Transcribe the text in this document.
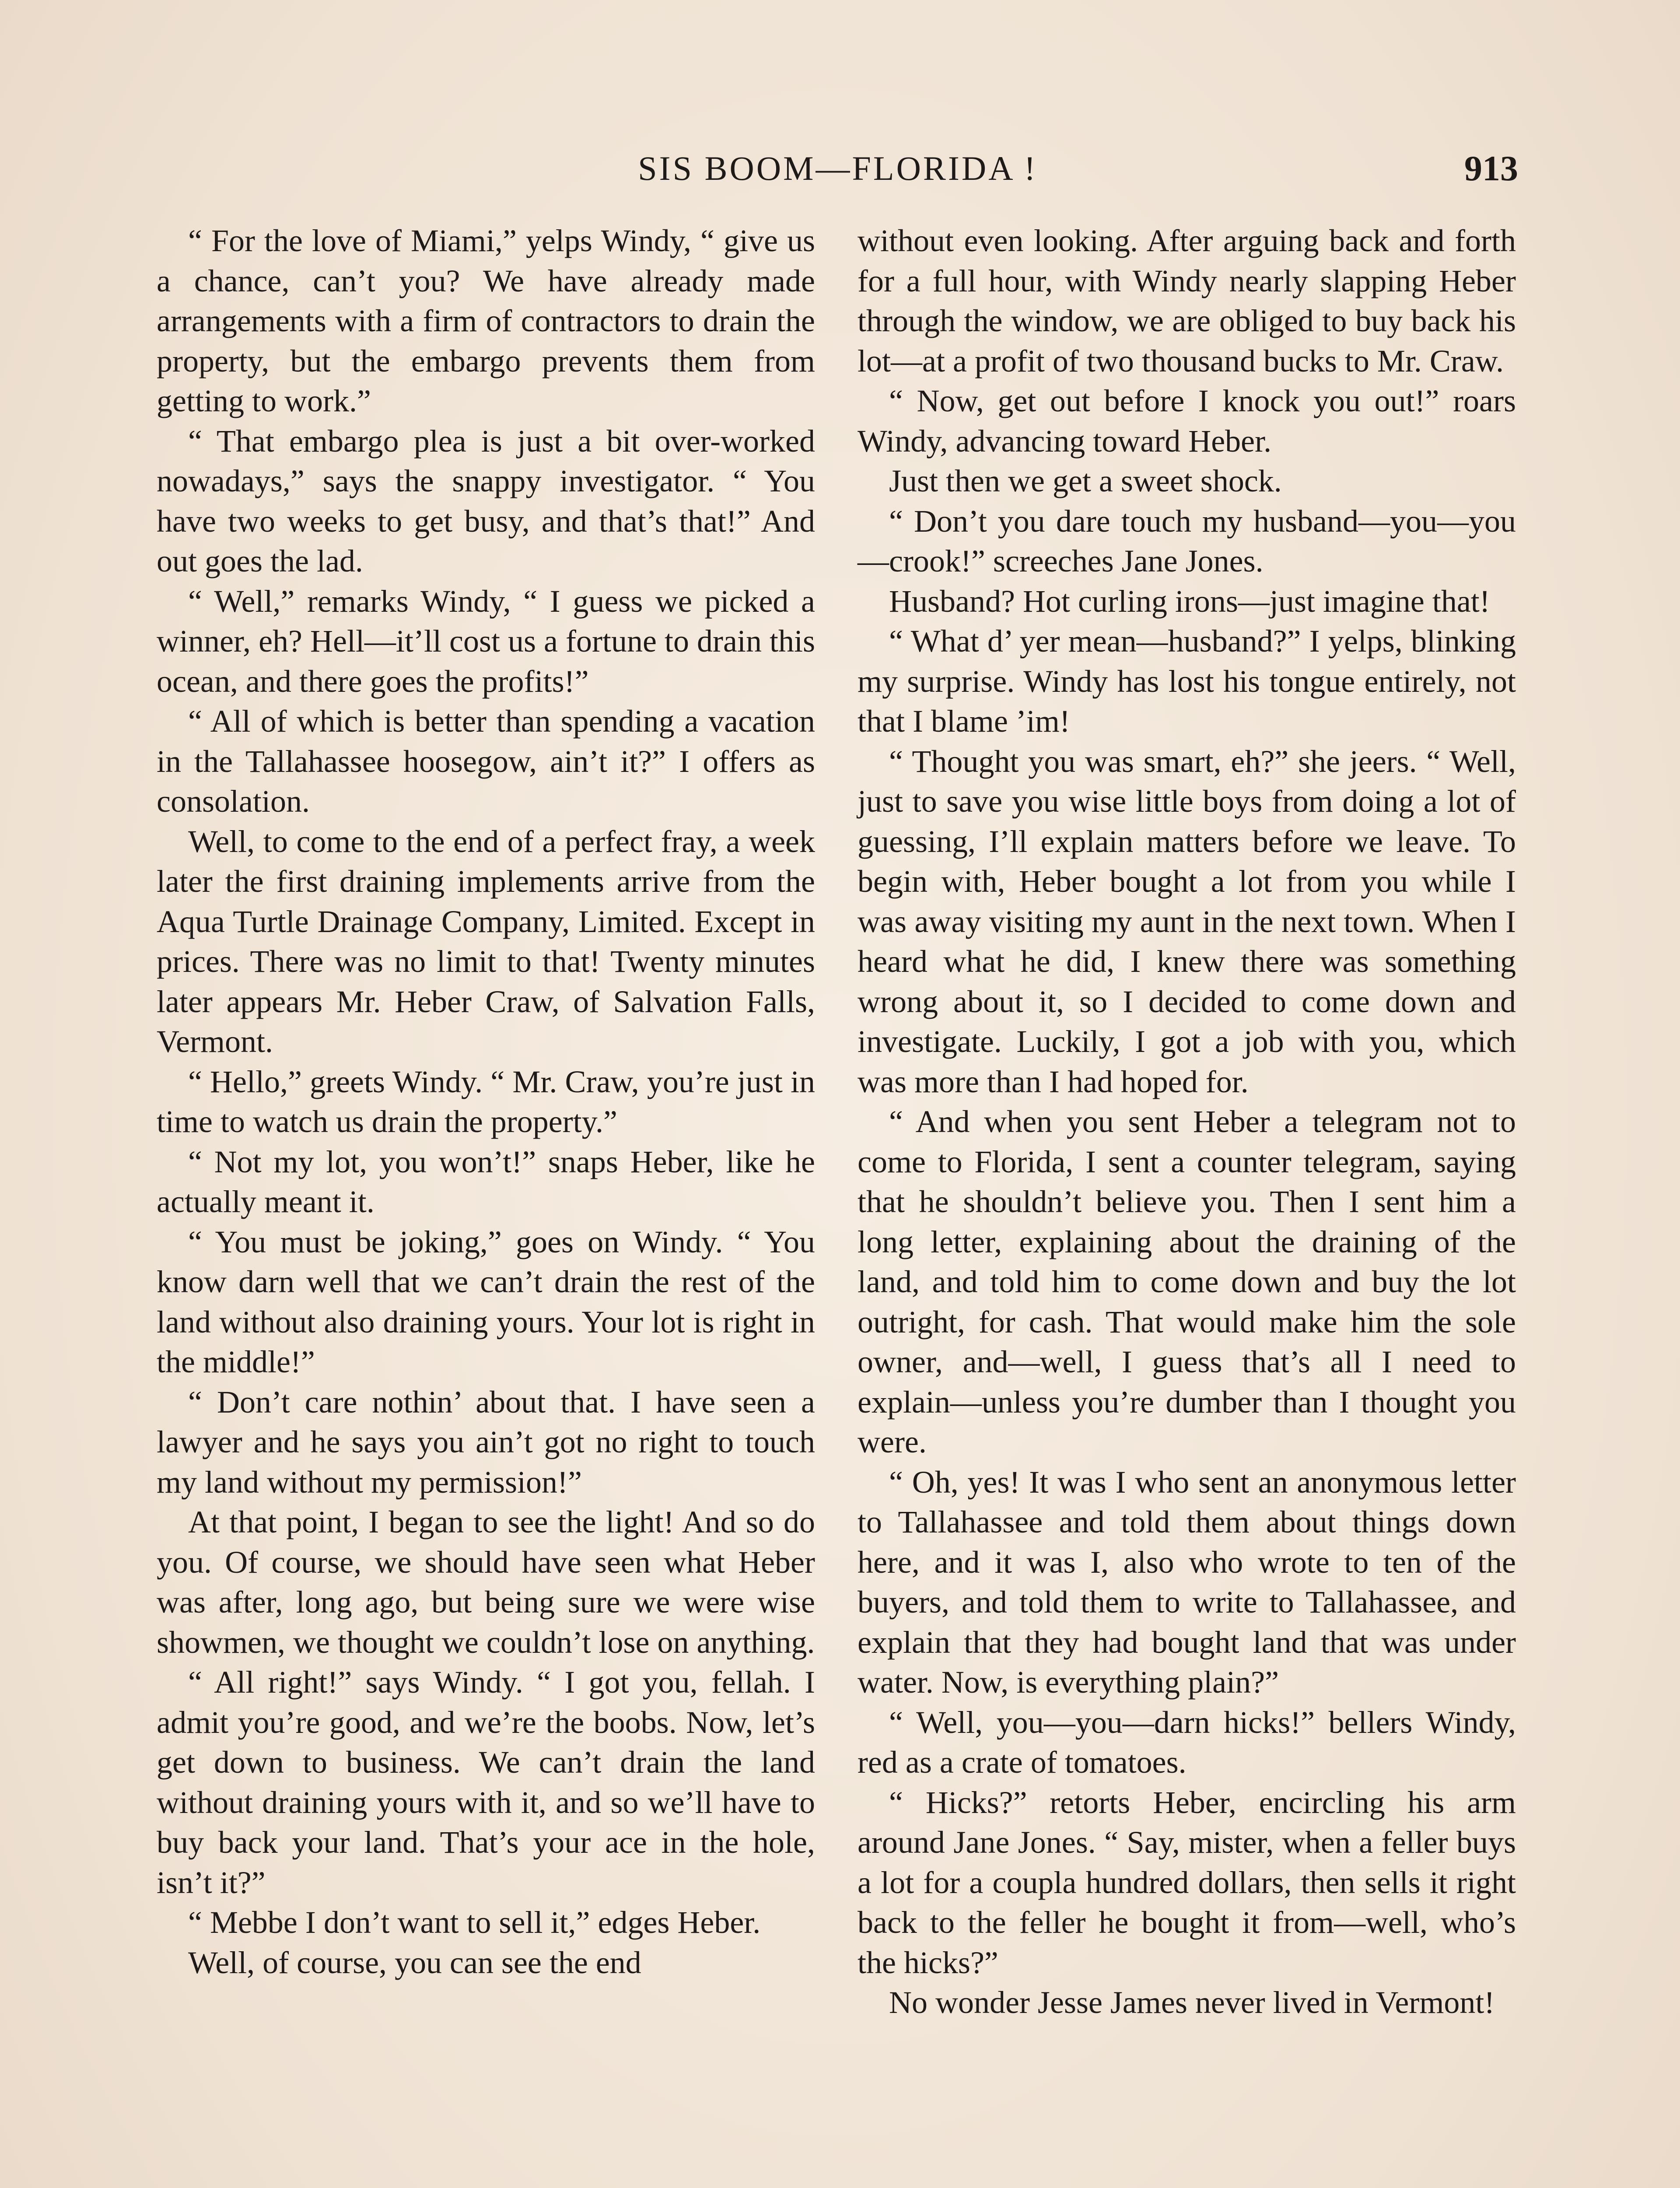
SIS BOOM—FLORIDA !	913

“ For the love of Miami,” yelps Windy, “ give us a chance, can’t you? We have already made arrangements with a firm of contractors to drain the property, but the embargo prevents them from getting to work.”

“ That embargo plea is just a bit over-worked nowadays,” says the snappy investigator. “ You have two weeks to get busy, and that’s that!” And out goes the lad.

“ Well,” remarks Windy, “ I guess we picked a winner, eh? Hell—it’ll cost us a fortune to drain this ocean, and there goes the profits!”

“ All of which is better than spending a vacation in the Tallahassee hoosegow, ain’t it?” I offers as consolation.

Well, to come to the end of a perfect fray, a week later the first draining implements arrive from the Aqua Turtle Drainage Company, Limited. Except in prices. There was no limit to that! Twenty minutes later appears Mr. Heber Craw, of Salvation Falls, Vermont.

“ Hello,” greets Windy. “ Mr. Craw, you’re just in time to watch us drain the property.”

“ Not my lot, you won’t!” snaps Heber, like he actually meant it.

“ You must be joking,” goes on Windy. “ You know darn well that we can’t drain the rest of the land without also draining yours. Your lot is right in the middle!”

“ Don’t care nothin’ about that. I have seen a lawyer and he says you ain’t got no right to touch my land without my permission!”

At that point, I began to see the light! And so do you. Of course, we should have seen what Heber was after, long ago, but being sure we were wise showmen, we thought we couldn’t lose on anything.

“ All right!” says Windy. “ I got you, fellah. I admit you’re good, and we’re the boobs. Now, let’s get down to business. We can’t drain the land without draining yours with it, and so we’ll have to buy back your land. That’s your ace in the hole, isn’t it?”

“ Mebbe I don’t want to sell it,” edges Heber.

Well, of course, you can see the end

without even looking. After arguing back and forth for a full hour, with Windy nearly slapping Heber through the window, we are obliged to buy back his lot—at a profit of two thousand bucks to Mr. Craw.

“ Now, get out before I knock you out!” roars Windy, advancing toward Heber.

Just then we get a sweet shock.

“ Don’t you dare touch my husband—you—you—crook!” screeches Jane Jones.

Husband? Hot curling irons—just imagine that!

“ What d’ yer mean—husband?” I yelps, blinking my surprise. Windy has lost his tongue entirely, not that I blame ’im!

“ Thought you was smart, eh?” she jeers. “ Well, just to save you wise little boys from doing a lot of guessing, I’ll explain matters before we leave. To begin with, Heber bought a lot from you while I was away visiting my aunt in the next town. When I heard what he did, I knew there was something wrong about it, so I decided to come down and investigate. Luckily, I got a job with you, which was more than I had hoped for.

“ And when you sent Heber a telegram not to come to Florida, I sent a counter telegram, saying that he shouldn’t believe you. Then I sent him a long letter, explaining about the draining of the land, and told him to come down and buy the lot outright, for cash. That would make him the sole owner, and—well, I guess that’s all I need to explain—unless you’re dumber than I thought you were.

“ Oh, yes! It was I who sent an anonymous letter to Tallahassee and told them about things down here, and it was I, also who wrote to ten of the buyers, and told them to write to Tallahassee, and explain that they had bought land that was under water. Now, is everything plain?”

“ Well, you—you—darn hicks!” bellers Windy, red as a crate of tomatoes.

“ Hicks?” retorts Heber, encircling his arm around Jane Jones. “ Say, mister, when a feller buys a lot for a coupla hundred dollars, then sells it right back to the feller he bought it from—well, who’s the hicks?”

No wonder Jesse James never lived in Vermont!
